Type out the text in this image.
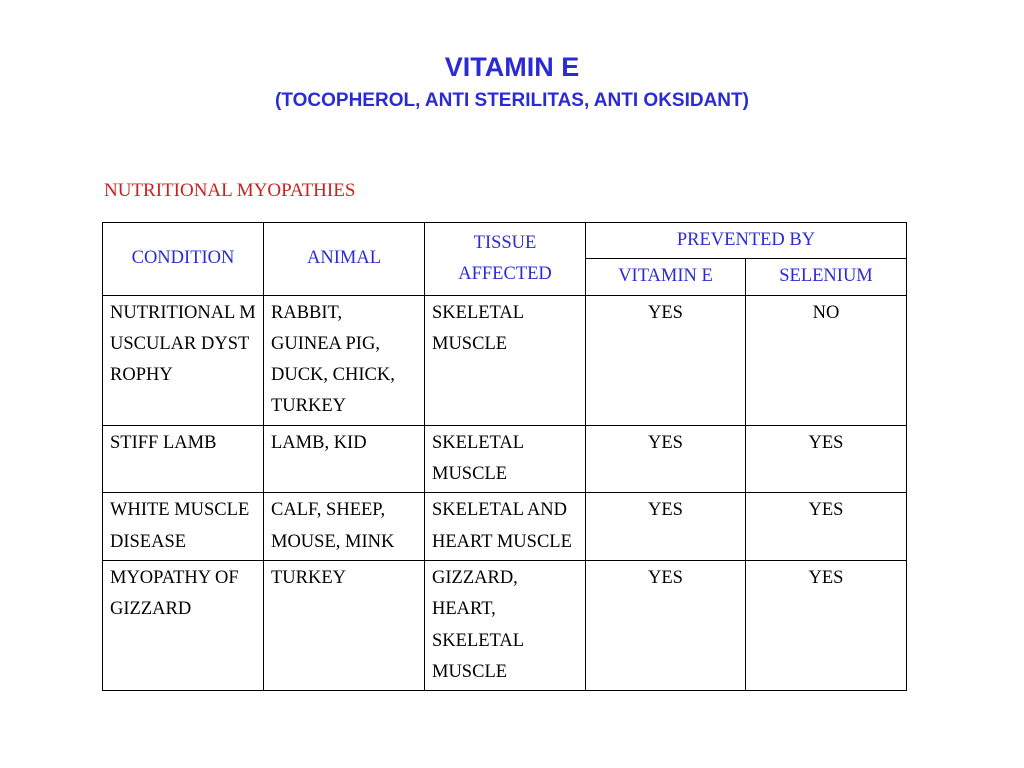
VITAMIN E
(TOCOPHEROL, ANTI STERILITAS, ANTI OKSIDANT)
NUTRITIONAL MYOPATHIES
CONDITION	ANIMAL	TISSUE AFFECTED	PREVENTED BY	
			VITAMIN E	SELENIUM
NUTRITIONAL MUSCULAR DYSTROPHY	RABBIT, GUINEA PIG, DUCK, CHICK, TURKEY	SKELETAL MUSCLE	YES	NO
STIFF LAMB	LAMB, KID	SKELETAL MUSCLE	YES	YES
WHITE MUSCLE DISEASE	CALF, SHEEP, MOUSE, MINK	SKELETAL AND HEART MUSCLE	YES	YES
MYOPATHY OF GIZZARD	TURKEY	GIZZARD, HEART, SKELETAL MUSCLE	YES	YES
